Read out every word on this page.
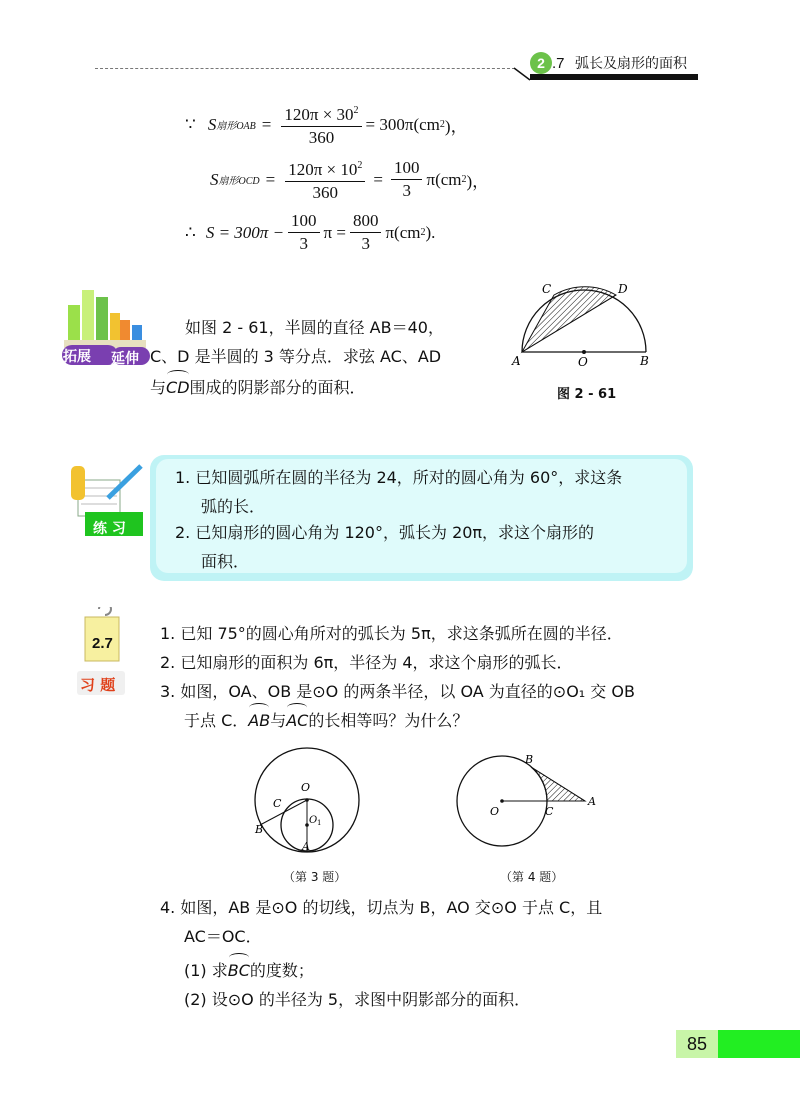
2 .7 弧长及扇形的面积
∵ S 扇形OAB = $\frac{120\pi \times 30^2}{360} = 300\pi(cm$ 2 )，
S 扇形OCD = $\frac{120\pi \times 10^2}{360} = \frac{100}{3} \pi(cm$ 2 )，
∴ $S = 300\pi - \frac{100}{3}$ $\pi = \frac{800}{3} \pi(cm$ 2 ).
拓展 延伸
如图 2 - 61，半圆的直径 AB＝40，
C、D 是半圆的 3 等分点．求弦 AC、AD
与CD围成的阴影部分的面积．
A	B
C	D
O
图 2 - 61
练 习
1. 已知圆弧所在圆的半径为 24，所对的圆心角为 60°，求这条
弧的长．
2. 已知扇形的圆心角为 120°，弧长为 20π，求这个扇形的
面积．
2.7
习 题
1. 已知 75°的圆心角所对的弧长为 5π，求这条弧所在圆的半径．
2. 已知扇形的面积为 6π，半径为 4，求这个扇形的弧长．
3. 如图，OA、OB 是⊙O 的两条半径，以 OA 为直径的⊙O₁ 交 OB
于点 C．AB与AC的长相等吗？为什么？
O
C
B
O 1
A
（第 3 题）
B
O	C
A
（第 4 题）
4. 如图，AB 是⊙O 的切线，切点为 B，AO 交⊙O 于点 C，且
AC＝OC．
(1) 求BC的度数；
(2) 设⊙O 的半径为 5，求图中阴影部分的面积．
85
